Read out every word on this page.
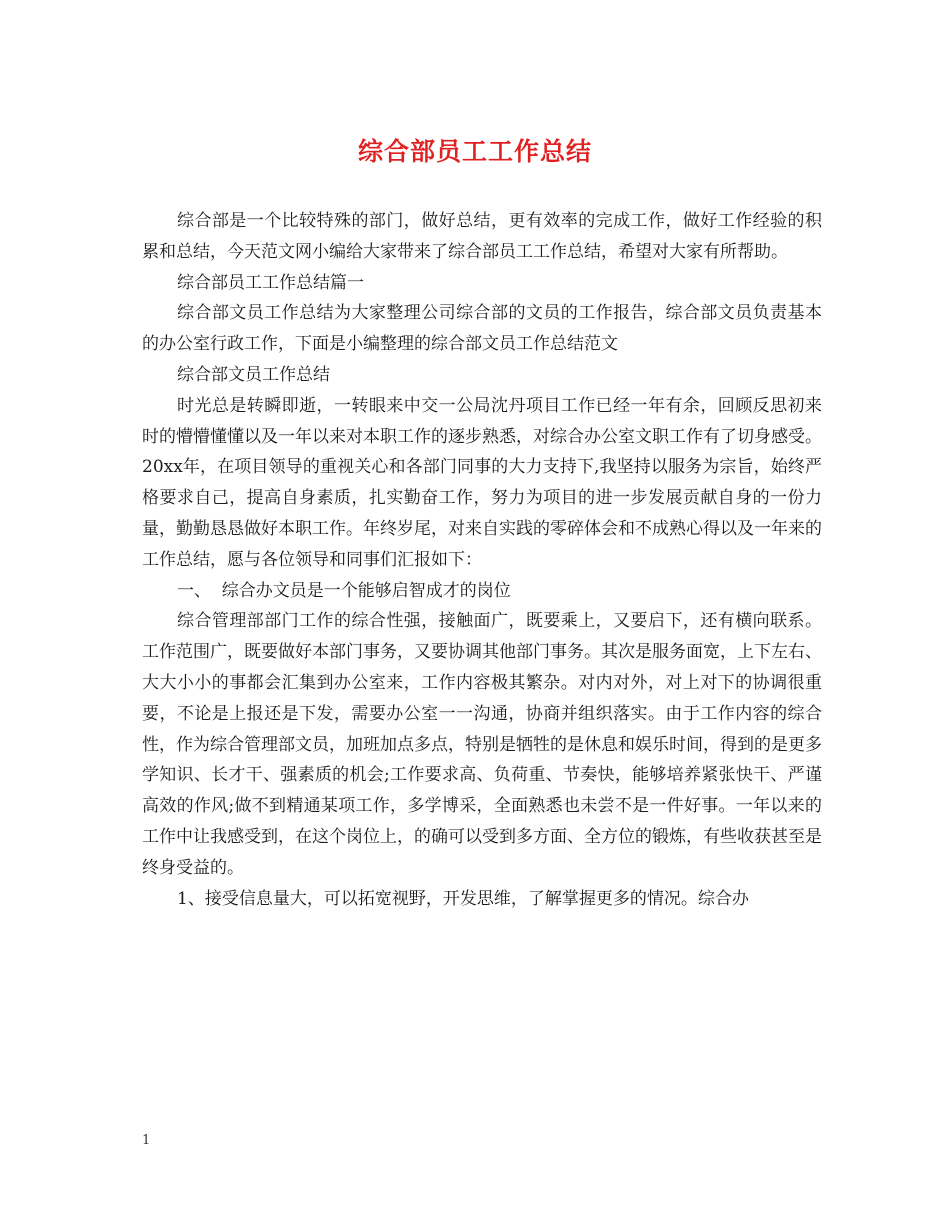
综合部员工工作总结

综合部是一个比较特殊的部门，做好总结，更有效率的完成工作，做好工作经验的积累和总结，今天范文网小编给大家带来了综合部员工工作总结，希望对大家有所帮助。

综合部员工工作总结篇一

综合部文员工作总结为大家整理公司综合部的文员的工作报告，综合部文员负责基本的办公室行政工作，下面是小编整理的综合部文员工作总结范文

综合部文员工作总结

时光总是转瞬即逝，一转眼来中交一公局沈丹项目工作已经一年有余，回顾反思初来时的懵懵懂懂以及一年以来对本职工作的逐步熟悉，对综合办公室文职工作有了切身感受。20xx年，在项目领导的重视关心和各部门同事的大力支持下,我坚持以服务为宗旨，始终严格要求自己，提高自身素质，扎实勤奋工作，努力为项目的进一步发展贡献自身的一份力量，勤勤恳恳做好本职工作。年终岁尾，对来自实践的零碎体会和不成熟心得以及一年来的工作总结，愿与各位领导和同事们汇报如下：

一、  综合办文员是一个能够启智成才的岗位

综合管理部部门工作的综合性强，接触面广，既要乘上，又要启下，还有横向联系。工作范围广，既要做好本部门事务，又要协调其他部门事务。其次是服务面宽，上下左右、大大小小的事都会汇集到办公室来，工作内容极其繁杂。对内对外，对上对下的协调很重要，不论是上报还是下发，需要办公室一一沟通，协商并组织落实。由于工作内容的综合性，作为综合管理部文员，加班加点多点，特别是牺牲的是休息和娱乐时间，得到的是更多学知识、长才干、强素质的机会;工作要求高、负荷重、节奏快，能够培养紧张快干、严谨高效的作风;做不到精通某项工作，多学博采，全面熟悉也未尝不是一件好事。一年以来的工作中让我感受到，在这个岗位上，的确可以受到多方面、全方位的锻炼，有些收获甚至是终身受益的。

1、接受信息量大，可以拓宽视野，开发思维，了解掌握更多的情况。综合办

1
